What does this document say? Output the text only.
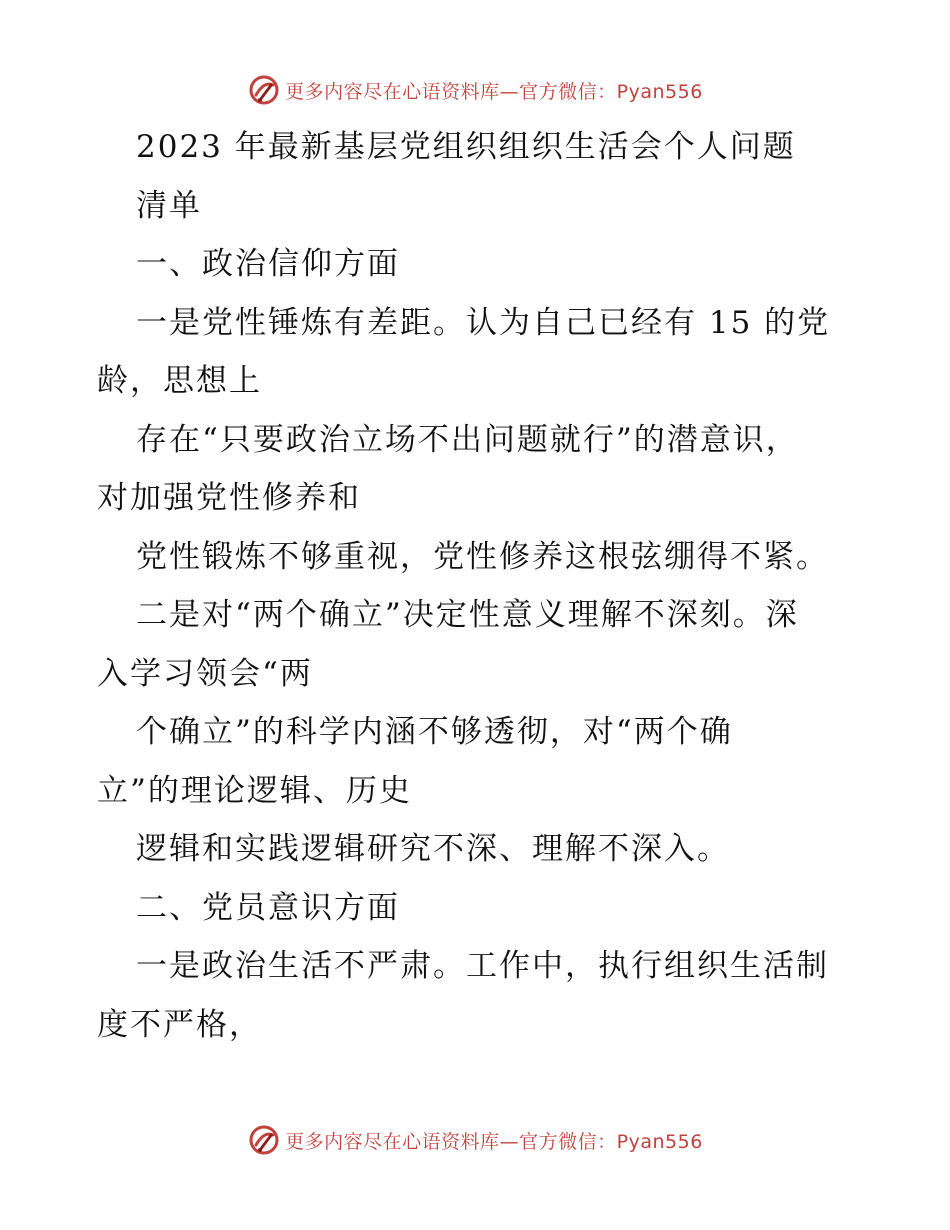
更多内容尽在心语资料库—官方微信：Pyan556
2023 年最新基层党组织组织生活会个人问题
清单
一、政治信仰方面
一是党性锤炼有差距。认为自己已经有 15 的党
龄，思想上
存在“只要政治立场不出问题就行”的潜意识，
对加强党性修养和
党性锻炼不够重视，党性修养这根弦绷得不紧。
二是对“两个确立”决定性意义理解不深刻。深
入学习领会“两
个确立”的科学内涵不够透彻，对“两个确
立”的理论逻辑、历史
逻辑和实践逻辑研究不深、理解不深入。
二、党员意识方面
一是政治生活不严肃。工作中，执行组织生活制
度不严格，
更多内容尽在心语资料库—官方微信：Pyan556
